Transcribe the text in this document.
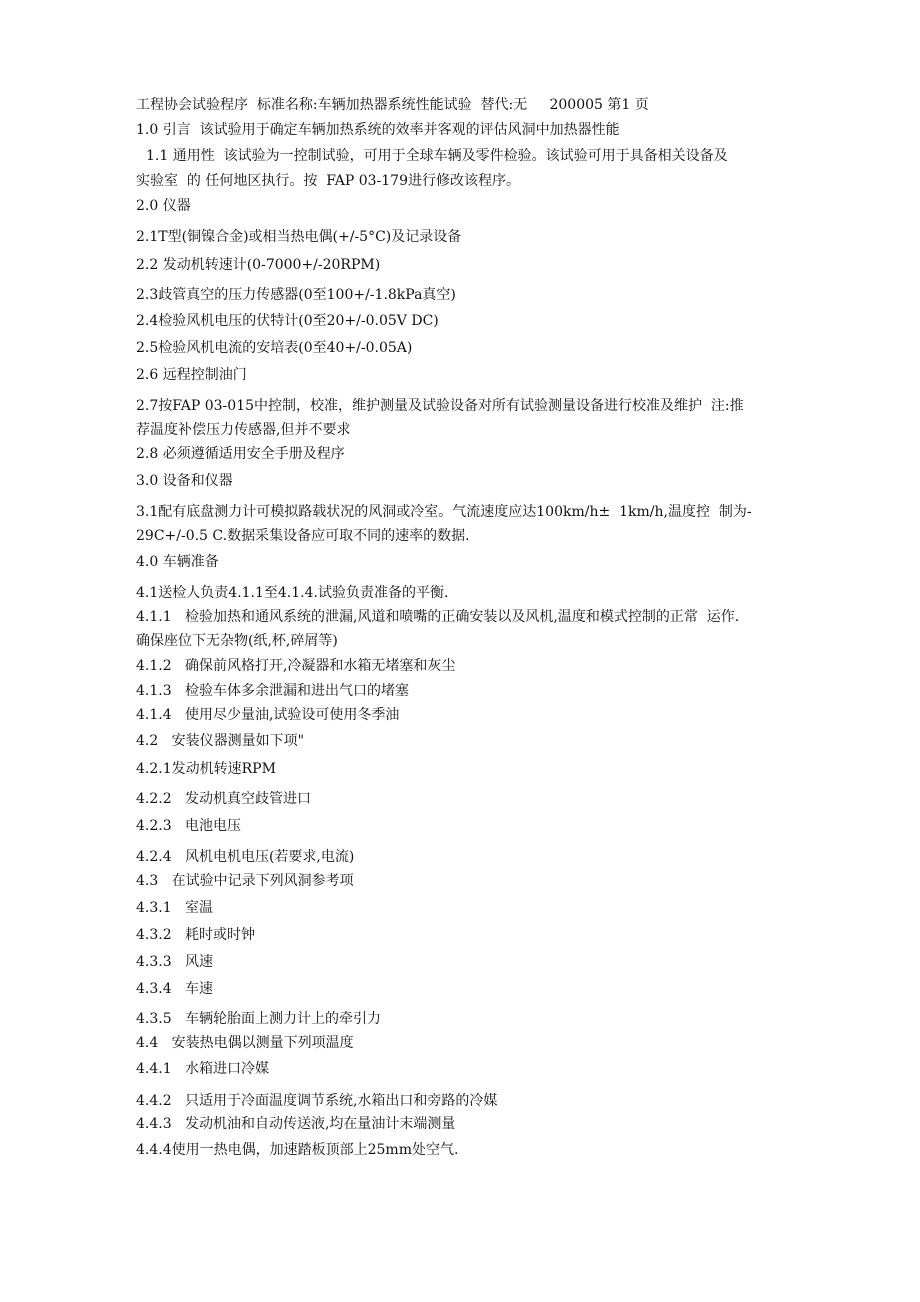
工程协会试验程序  标准名称:车辆加热器系统性能试验  替代:无     200005 第1 页
1.0 引言  该试验用于确定车辆加热系统的效率并客观的评估风洞中加热器性能
1.1 通用性  该试验为一控制试验，可用于全球车辆及零件检验。该试验可用于具备相关设备及
实验室  的 任何地区执行。按  FAP 03-179进行修改该程序。
2.0 仪器
2.1T型(铜镍合金)或相当热电偶(+/-5°C)及记录设备
2.2 发动机转速计(0-7000+/-20RPM)
2.3歧管真空的压力传感器(0至100+/-1.8kPa真空)
2.4检验风机电压的伏特计(0至20+/-0.05V DC)
2.5检验风机电流的安培表(0至40+/-0.05A)
2.6 远程控制油门
2.7按FAP 03-015中控制，校准，维护测量及试验设备对所有试验测量设备进行校准及维护  注:推
荐温度补偿压力传感器,但并不要求
2.8 必须遵循适用安全手册及程序
3.0 设备和仪器
3.1配有底盘测力计可模拟路载状况的风洞或冷室。气流速度应达100km/h±  1km/h,温度控  制为-
29C+/-0.5 C.数据采集设备应可取不同的速率的数据.
4.0 车辆准备
4.1送检人负责4.1.1至4.1.4.试验负责准备的平衡.
4.1.1   检验加热和通风系统的泄漏,风道和喷嘴的正确安装以及风机,温度和模式控制的正常  运作.
确保座位下无杂物(纸,杯,碎屑等)
4.1.2   确保前风格打开,冷凝器和水箱无堵塞和灰尘
4.1.3   检验车体多余泄漏和进出气口的堵塞
4.1.4   使用尽少量油,试验设可使用冬季油
4.2   安装仪器测量如下项"
4.2.1发动机转速RPM
4.2.2   发动机真空歧管进口
4.2.3   电池电压
4.2.4   风机电机电压(若要求,电流)
4.3   在试验中记录下列风洞参考项
4.3.1   室温
4.3.2   耗时或时钟
4.3.3   风速
4.3.4   车速
4.3.5   车辆轮胎面上测力计上的牵引力
4.4   安装热电偶以测量下列项温度
4.4.1   水箱进口冷媒
4.4.2   只适用于冷面温度调节系统,水箱出口和旁路的冷媒
4.4.3   发动机油和自动传送液,均在量油计末端测量
4.4.4使用一热电偶，加速踏板顶部上25mm处空气.
